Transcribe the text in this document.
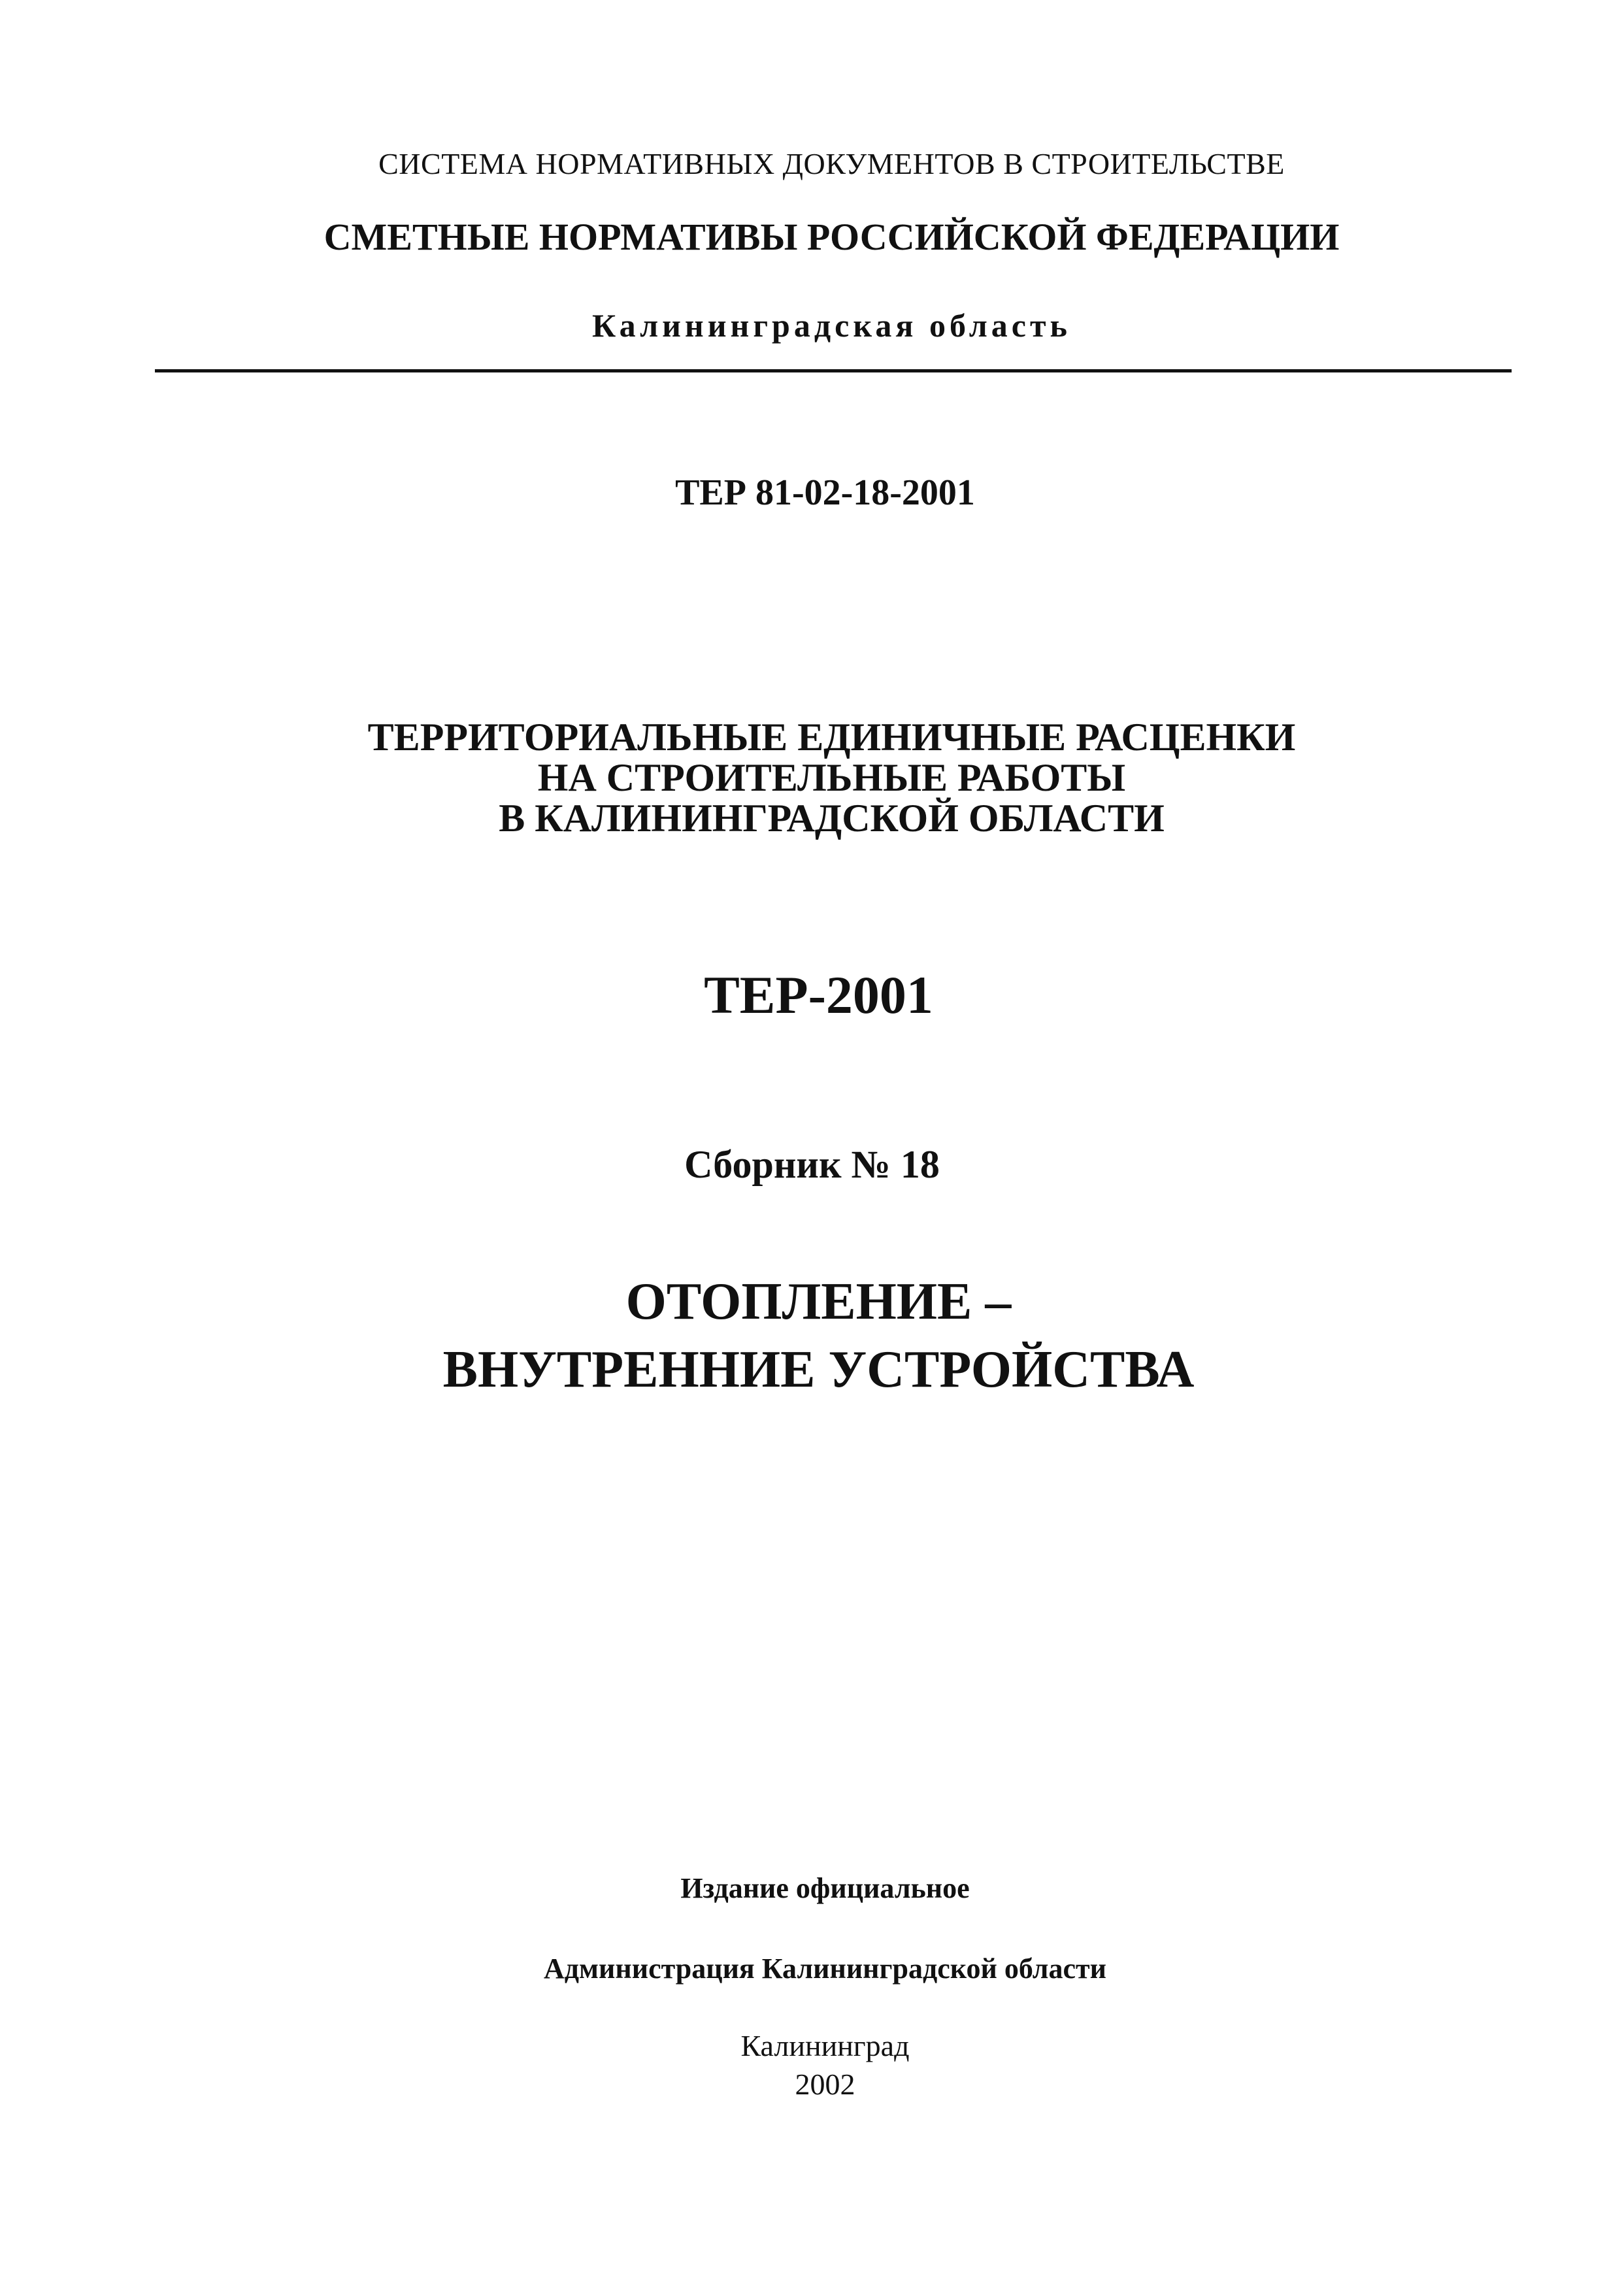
СИСТЕМА НОРМАТИВНЫХ ДОКУМЕНТОВ В СТРОИТЕЛЬСТВЕ
СМЕТНЫЕ НОРМАТИВЫ РОССИЙСКОЙ ФЕДЕРАЦИИ
Калининградская область
ТЕР 81-02-18-2001
ТЕРРИТОРИАЛЬНЫЕ ЕДИНИЧНЫЕ РАСЦЕНКИ
НА СТРОИТЕЛЬНЫЕ РАБОТЫ
В КАЛИНИНГРАДСКОЙ ОБЛАСТИ
ТЕР-2001
Сборник № 18
ОТОПЛЕНИЕ –
ВНУТРЕННИЕ УСТРОЙСТВА
Издание официальное
Администрация Калининградской области
Калининград
2002
